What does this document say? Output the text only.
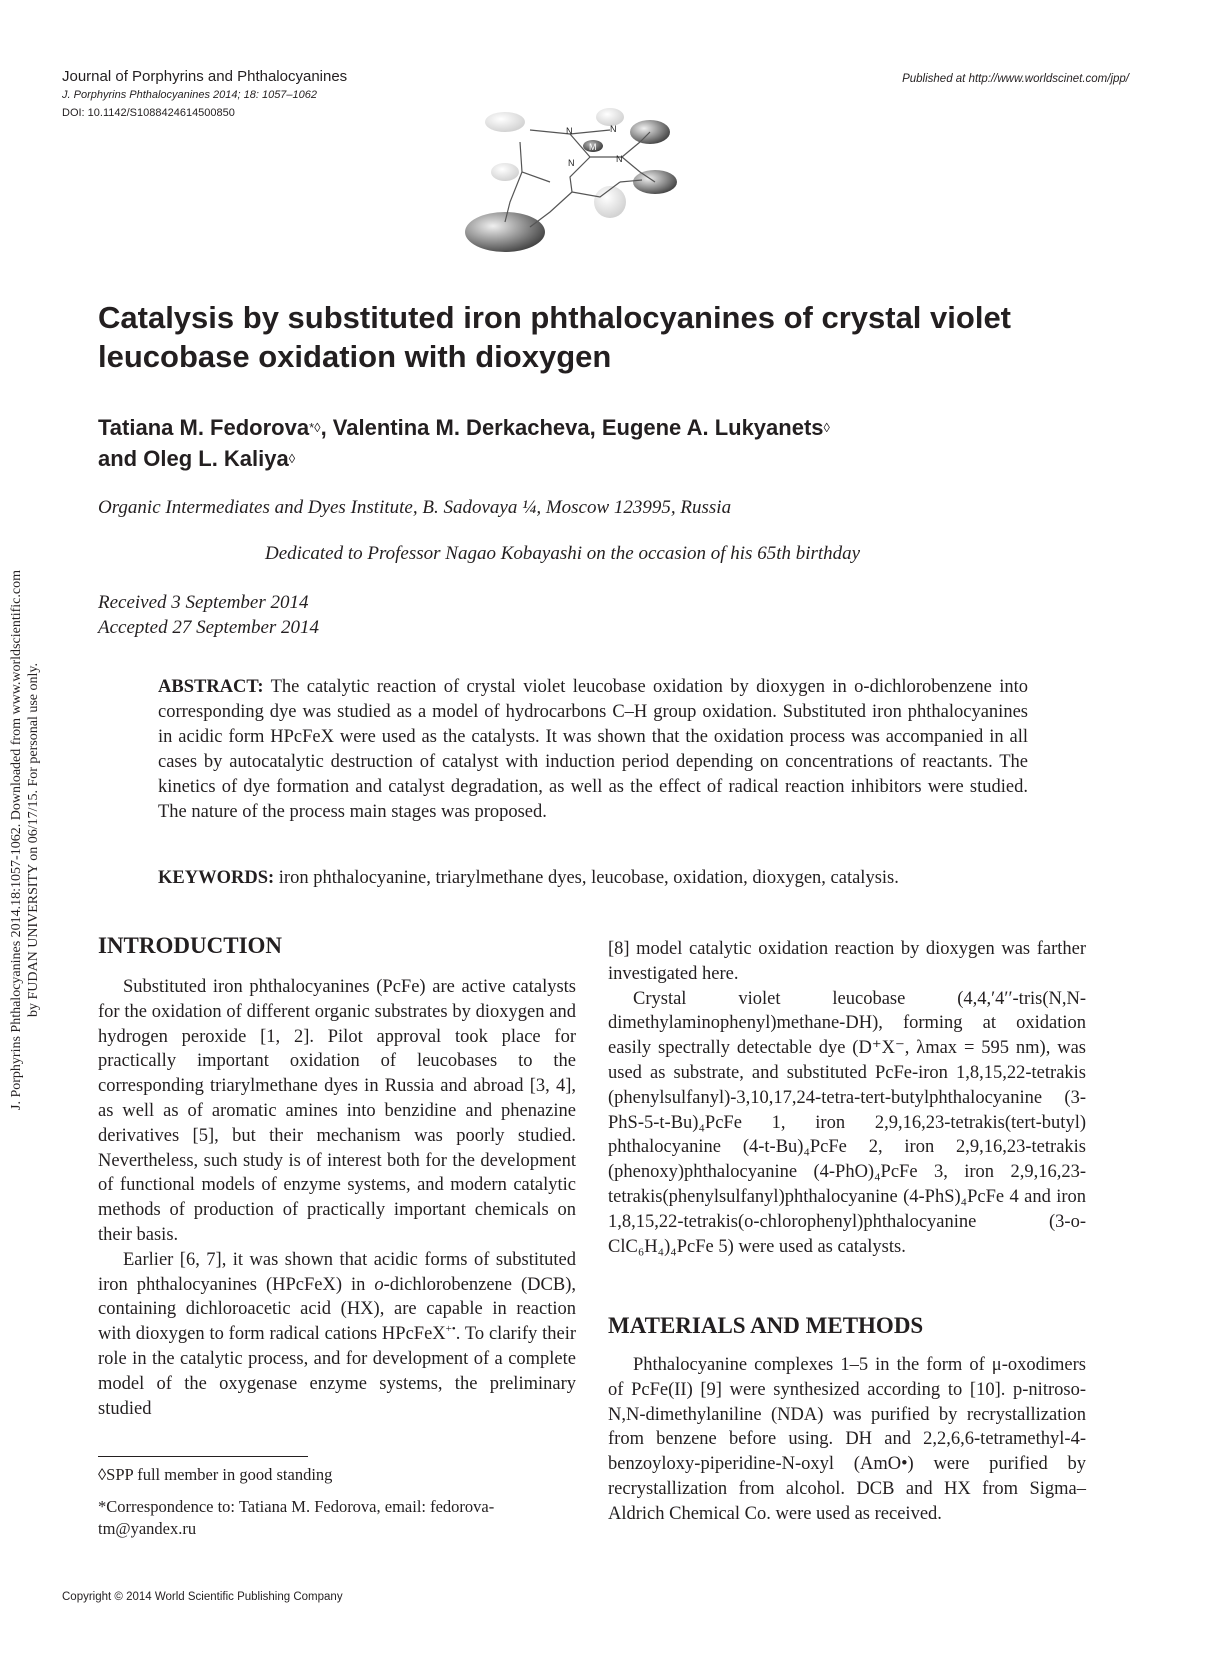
Journal of Porphyrins and Phthalocyanines
J. Porphyrins Phthalocyanines 2014; 18: 1057–1062
DOI: 10.1142/S1088424614500850
Published at http://www.worldscinet.com/jpp/
M
N	N
N	N
Catalysis by substituted iron phthalocyanines of crystal violet leucobase oxidation with dioxygen
Tatiana M. Fedorova*◊, Valentina M. Derkacheva, Eugene A. Lukyanets◊
and Oleg L. Kaliya◊
Organic Intermediates and Dyes Institute, B. Sadovaya ¼, Moscow 123995, Russia
Dedicated to Professor Nagao Kobayashi on the occasion of his 65th birthday
Received 3 September 2014
Accepted 27 September 2014
ABSTRACT: The catalytic reaction of crystal violet leucobase oxidation by dioxygen in o-dichlorobenzene into corresponding dye was studied as a model of hydrocarbons C–H group oxidation. Substituted iron phthalocyanines in acidic form HPcFeX were used as the catalysts. It was shown that the oxidation process was accompanied in all cases by autocatalytic destruction of catalyst with induction period depending on concentrations of reactants. The kinetics of dye formation and catalyst degradation, as well as the effect of radical reaction inhibitors were studied. The nature of the process main stages was proposed.
KEYWORDS: iron phthalocyanine, triarylmethane dyes, leucobase, oxidation, dioxygen, catalysis.
INTRODUCTION

Substituted iron phthalocyanines (PcFe) are active catalysts for the oxidation of different organic substrates by dioxygen and hydrogen peroxide [1, 2]. Pilot approval took place for practically important oxidation of leucobases to the corresponding triarylmethane dyes in Russia and abroad [3, 4], as well as of aromatic amines into benzidine and phenazine derivatives [5], but their mechanism was poorly studied. Nevertheless, such study is of interest both for the development of functional models of enzyme systems, and modern catalytic methods of production of practically important chemicals on their basis.

Earlier [6, 7], it was shown that acidic forms of substituted iron phthalocyanines (HPcFeX) in o-dichlorobenzene (DCB), containing dichloroacetic acid (HX), are capable in reaction with dioxygen to form radical cations HPcFeX+•. To clarify their role in the catalytic process, and for development of a complete model of the oxygenase enzyme systems, the preliminary studied

[8] model catalytic oxidation reaction by dioxygen was farther investigated here.

Crystal violet leucobase (4,4,′4′′-tris(N,N-dimethylaminophenyl)methane-DH), forming at oxidation easily spectrally detectable dye (D⁺X⁻, λmax = 595 nm), was used as substrate, and substituted PcFe-iron 1,8,15,22-tetrakis (phenylsulfanyl)-3,10,17,24-tetra-tert-butylphthalocyanine (3-PhS-5-t-Bu)₄PcFe 1, iron 2,9,16,23-tetrakis(tert-butyl) phthalocyanine (4-t-Bu)₄PcFe 2, iron 2,9,16,23-tetrakis (phenoxy)phthalocyanine (4-PhO)₄PcFe 3, iron 2,9,16,23-tetrakis(phenylsulfanyl)phthalocyanine (4-PhS)₄PcFe 4 and iron 1,8,15,22-tetrakis(o-chlorophenyl)phthalocyanine (3-o-ClC₆H₄)₄PcFe 5) were used as catalysts.

MATERIALS AND METHODS

Phthalocyanine complexes 1–5 in the form of μ-oxodimers of PcFe(II) [9] were synthesized according to [10]. p-nitroso-N,N-dimethylaniline (NDA) was purified by recrystallization from benzene before using. DH and 2,2,6,6-tetramethyl-4-benzoyloxy-piperidine-N-oxyl (AmO•) were purified by recrystallization from alcohol. DCB and HX from Sigma–Aldrich Chemical Co. were used as received.

◊SPP full member in good standing

*Correspondence to: Tatiana M. Fedorova, email: fedorova-tm@yandex.ru

Copyright © 2014 World Scientific Publishing Company
J. Porphyrins Phthalocyanines 2014.18:1057-1062. Downloaded from www.worldscientific.com by FUDAN UNIVERSITY on 06/17/15. For personal use only.
